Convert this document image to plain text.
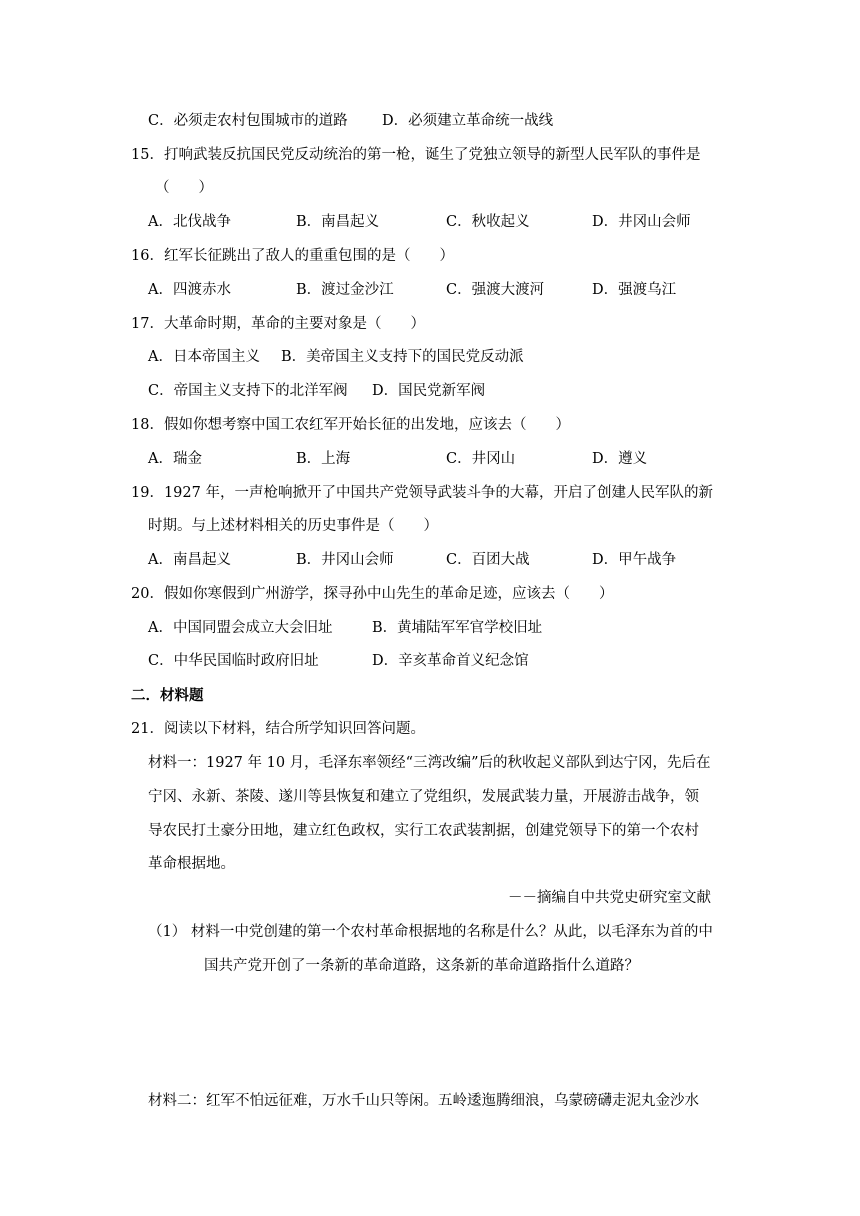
C．必须走农村包围城市的道路 D．必须建立革命统一战线
15．打响武装反抗国民党反动统治的第一枪，诞生了党独立领导的新型人民军队的事件是
（　　）
A．北伐战争	B．南昌起义	C．秋收起义	D．井冈山会师
16．红军长征跳出了敌人的重重包围的是（　　）
A．四渡赤水	B．渡过金沙江	C．强渡大渡河	D．强渡乌江
17．大革命时期，革命的主要对象是（　　）
A．日本帝国主义 B．美帝国主义支持下的国民党反动派
C．帝国主义支持下的北洋军阀 D．国民党新军阀
18．假如你想考察中国工农红军开始长征的出发地，应该去（　　）
A．瑞金	B．上海	C．井冈山	D．遵义
19．1927 年，一声枪响掀开了中国共产党领导武装斗争的大幕，开启了创建人民军队的新
时期。与上述材料相关的历史事件是（　　）
A．南昌起义	B．井冈山会师	C．百团大战	D．甲午战争
20．假如你寒假到广州游学，探寻孙中山先生的革命足迹，应该去（　　）
A．中国同盟会成立大会旧址	B．黄埔陆军军官学校旧址
C．中华民国临时政府旧址	D．辛亥革命首义纪念馆
二．材料题
21．阅读以下材料，结合所学知识回答问题。
材料一：1927 年 10 月，毛泽东率领经“三湾改编”后的秋收起义部队到达宁冈，先后在
宁冈、永新、茶陵、遂川等县恢复和建立了党组织，发展武装力量，开展游击战争，领
导农民打土豪分田地，建立红色政权，实行工农武装割据，创建党领导下的第一个农村
革命根据地。
－－摘编自中共党史研究室文献
（1） 材料一中党创建的第一个农村革命根据地的名称是什么？从此，以毛泽东为首的中
国共产党开创了一条新的革命道路，这条新的革命道路指什么道路？
材料二：红军不怕远征难，万水千山只等闲。五岭逶迤腾细浪，乌蒙磅礴走泥丸金沙水
